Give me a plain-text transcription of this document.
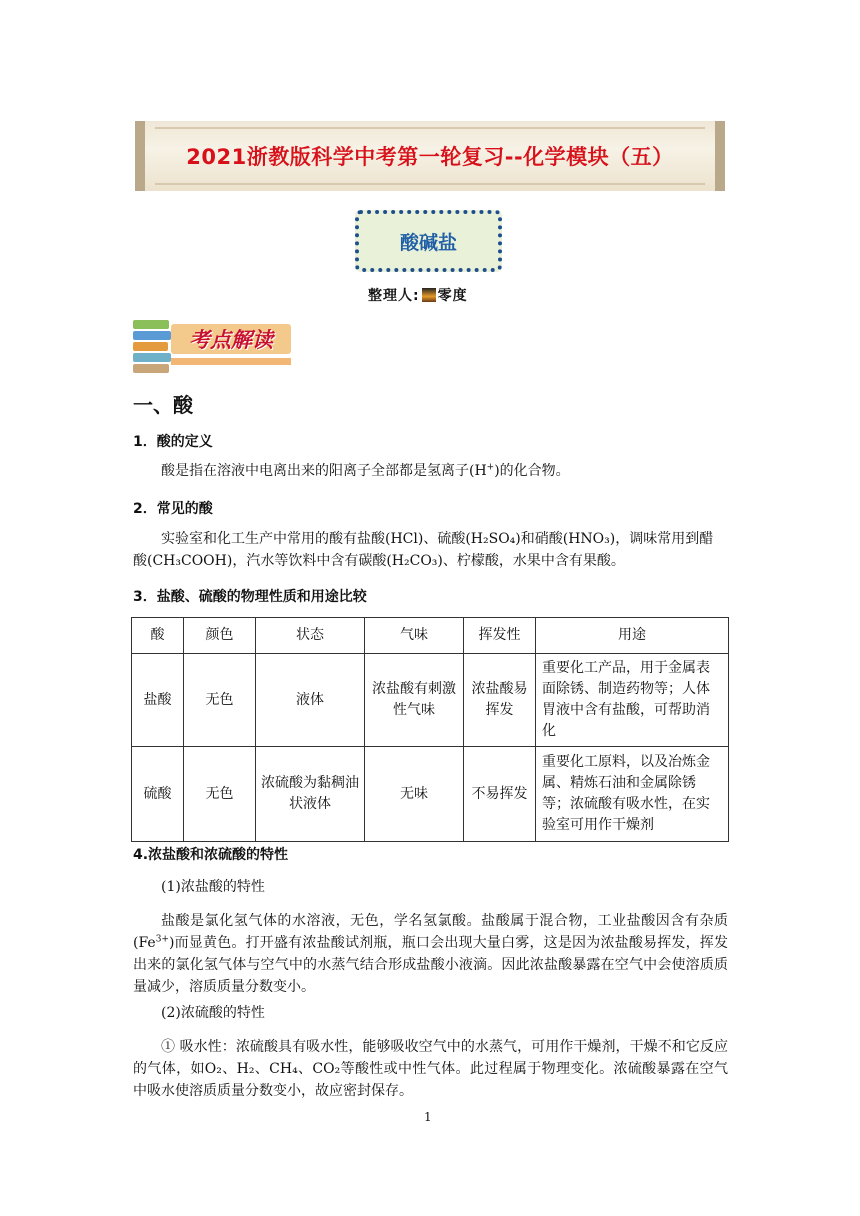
2021浙教版科学中考第一轮复习--化学模块（五）
酸碱盐
整理人: 零度
考点解读
一、酸
1．酸的定义
酸是指在溶液中电离出来的阳离子全部都是氢离子(H+)的化合物。
2．常见的酸
实验室和化工生产中常用的酸有盐酸(HCl)、硫酸(H₂SO₄)和硝酸(HNO₃)，调味常用到醋
酸(CH₃COOH)，汽水等饮料中含有碳酸(H₂CO₃)、柠檬酸，水果中含有果酸。
3．盐酸、硫酸的物理性质和用途比较
酸	颜色	状态	气味	挥发性	用途
盐酸	无色	液体	浓盐酸有刺激性气味	浓盐酸易挥发	重要化工产品，用于金属表面除锈、制造药物等；人体胃液中含有盐酸，可帮助消化
硫酸	无色	浓硫酸为黏稠油状液体	无味	不易挥发	重要化工原料，以及冶炼金属、精炼石油和金属除锈等；浓硫酸有吸水性，在实验室可用作干燥剂
4.浓盐酸和浓硫酸的特性
(1)浓盐酸的特性
盐酸是氯化氢气体的水溶液，无色，学名氢氯酸。盐酸属于混合物，工业盐酸因含有杂质$(Fe^{3+})$而显黄色。打开盛有浓盐酸试剂瓶，瓶口会出现大量白雾，这是因为浓盐酸易挥发，挥发出来的氯化氢气体与空气中的水蒸气结合形成盐酸小液滴。因此浓盐酸暴露在空气中会使溶质质量减少，溶质质量分数变小。
(2)浓硫酸的特性
① 吸水性：浓硫酸具有吸水性，能够吸收空气中的水蒸气，可用作干燥剂，干燥不和它反应的气体，如O₂、H₂、CH₄、CO₂等酸性或中性气体。此过程属于物理变化。浓硫酸暴露在空气中吸水使溶质质量分数变小，故应密封保存。
1
